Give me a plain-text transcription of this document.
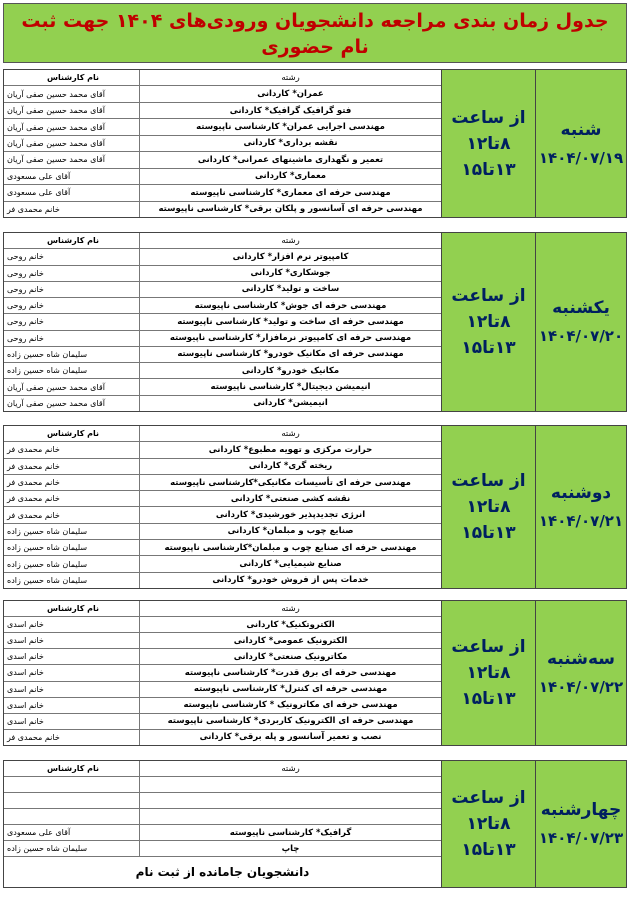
جدول زمان بندی مراجعه دانشجویان ورودی‌های ۱۴۰۴ جهت ثبت نام حضوری
نام کارشناس	رشته
آقای محمد حسین صفی آریان	عمران* کاردانی
آقای محمد حسین صفی آریان	فتو گرافیک گرافیک* کاردانی
آقای محمد حسین صفی آریان	مهندسی اجرایی عمران* کارشناسی ناپیوسته
آقای محمد حسین صفی آریان	نقشه برداری* کاردانی
آقای محمد حسین صفی آریان	تعمیر و نگهداری ماشینهای عمرانی* کاردانی
آقای علی مسعودی	معماری* کاردانی
آقای علی مسعودی	مهندسی حرفه ای معماری* کارشناسی ناپیوسته
خانم محمدی فر	مهندسی حرفه ای آسانسور و پلکان برقی* کارشناسی ناپیوسته
از ساعت
۸تا۱۲
۱۳تا۱۵
شنبه
۱۴۰۴/۰۷/۱۹
نام کارشناس	رشته
خانم روحی	کامپیوتر نرم افزار* کاردانی
خانم روحی	جوشکاری* کاردانی
خانم روحی	ساخت و تولید* کاردانی
خانم روحی	مهندسی حرفه ای جوش* کارشناسی ناپیوسته
خانم روحی	مهندسی حرفه ای ساخت و تولید* کارشناسی ناپیوسته
خانم روحی	مهندسی حرفه ای کامپیوتر نرمافزار* کارشناسی ناپیوسته
سلیمان شاه حسین زاده	مهندسی حرفه ای مکانیک خودرو* کارشناسی ناپیوسته
سلیمان شاه حسین زاده	مکانیک خودرو* کاردانی
آقای محمد حسین صفی آریان	انیمیشن دیجیتال* کارشناسی ناپیوسته
آقای محمد حسین صفی آریان	انیمیشن* کاردانی
از ساعت
۸تا۱۲
۱۳تا۱۵
یکشنبه
۱۴۰۴/۰۷/۲۰
نام کارشناس	رشته
خانم محمدی فر	حرارت مرکزی و تهویه مطبوع* کاردانی
خانم محمدی فر	ریخته گری* کاردانی
خانم محمدی فر	مهندسی حرفه ای تأسیسات مکانیکی*کارشناسی ناپیوسته
خانم محمدی فر	نقشه کشی صنعتی* کاردانی
خانم محمدی فر	انرژی تجدیدپذیر خورشیدی* کاردانی
سلیمان شاه حسین زاده	صنایع چوب و مبلمان* کاردانی
سلیمان شاه حسین زاده	مهندسی حرفه ای صنایع چوب و مبلمان*کارشناسی ناپیوسته
سلیمان شاه حسین زاده	صنایع شیمیایی* کاردانی
سلیمان شاه حسین زاده	خدمات پس از فروش خودرو* کاردانی
از ساعت
۸تا۱۲
۱۳تا۱۵
دوشنبه
۱۴۰۴/۰۷/۲۱
نام کارشناس	رشته
خانم اسدی	الکتروتکنیک* کاردانی
خانم اسدی	الکترونیک عمومی* کاردانی
خانم اسدی	مکاترونیک صنعتی* کاردانی
خانم اسدی	مهندسی حرفه ای برق قدرت* کارشناسی ناپیوسته
خانم اسدی	مهندسی حرفه ای کنترل* کارشناسی ناپیوسته
خانم اسدی	مهندسی حرفه ای مکاترونیک * کارشناسی ناپیوسته
خانم اسدی	مهندسی حرفه ای الکترونیک کاربردی* کارشناسی ناپیوسته
خانم محمدی فر	نصب و تعمیر آسانسور و پله برقی* کاردانی
از ساعت
۸تا۱۲
۱۳تا۱۵
سه‌شنبه
۱۴۰۴/۰۷/۲۲
نام کارشناس	رشته
آقای علی مسعودی	گرافیک* کارشناسی ناپیوسته
سلیمان شاه حسین زاده	چاپ
دانشجویان جامانده از ثبت نام
از ساعت
۸تا۱۲
۱۳تا۱۵
چهارشنبه
۱۴۰۴/۰۷/۲۳
